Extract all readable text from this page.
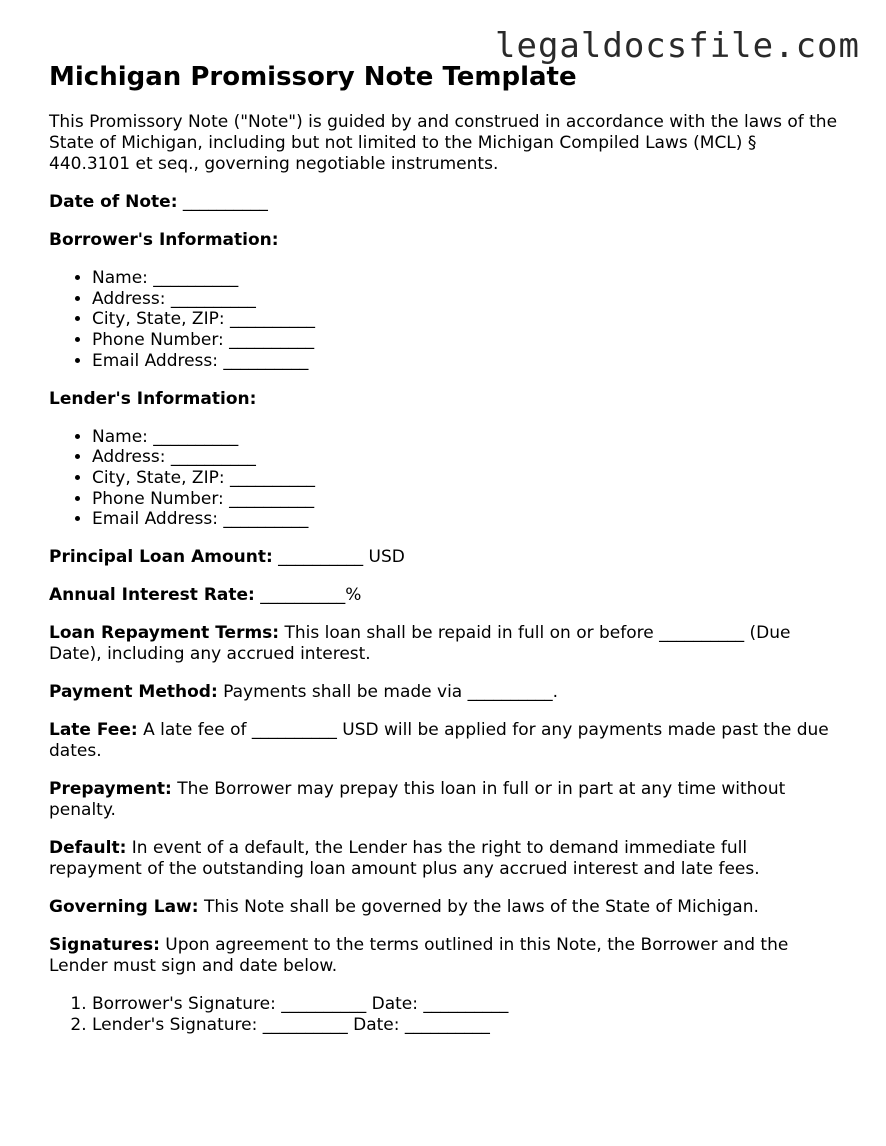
legaldocsfile.com
Michigan Promissory Note Template

This Promissory Note ("Note") is guided by and construed in accordance with the laws of the State of Michigan, including but not limited to the Michigan Compiled Laws (MCL) § 440.3101 et seq., governing negotiable instruments.

Date of Note: __________

Borrower's Information:

• Name: __________
• Address: __________
• City, State, ZIP: __________
• Phone Number: __________
• Email Address: __________

Lender's Information:

• Name: __________
• Address: __________
• City, State, ZIP: __________
• Phone Number: __________
• Email Address: __________

Principal Loan Amount: __________ USD

Annual Interest Rate: __________%

Loan Repayment Terms: This loan shall be repaid in full on or before __________ (Due Date), including any accrued interest.

Payment Method: Payments shall be made via __________.

Late Fee: A late fee of __________ USD will be applied for any payments made past the due dates.

Prepayment: The Borrower may prepay this loan in full or in part at any time without penalty.

Default: In event of a default, the Lender has the right to demand immediate full repayment of the outstanding loan amount plus any accrued interest and late fees.

Governing Law: This Note shall be governed by the laws of the State of Michigan.

Signatures: Upon agreement to the terms outlined in this Note, the Borrower and the Lender must sign and date below.

1. Borrower's Signature: __________ Date: __________
2. Lender's Signature: __________ Date: __________
